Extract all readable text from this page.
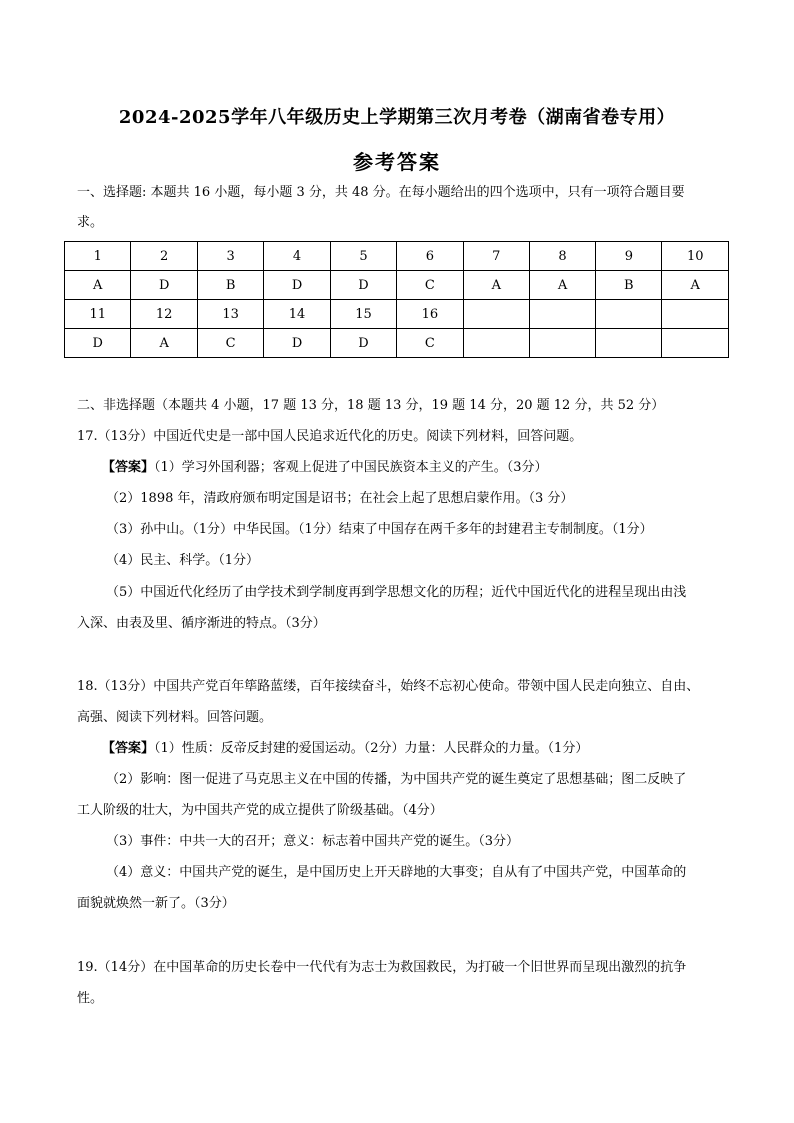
2024-2025学年八年级历史上学期第三次月考卷（湖南省卷专用）
参考答案
一、选择题: 本题共 16 小题，每小题 3 分，共 48 分。在每小题给出的四个选项中，只有一项符合题目要
求。
1	2	3	4	5	6	7	8	9	10
A	D	B	D	D	C	A	A	B	A
11	12	13	14	15	16				
D	A	C	D	D	C				
二、非选择题（本题共 4 小题，17 题 13 分，18 题 13 分，19 题 14 分，20 题 12 分，共 52 分）
17.（13分）中国近代史是一部中国人民追求近代化的历史。阅读下列材料，回答问题。
【答案】（1）学习外国利器；客观上促进了中国民族资本主义的产生。（3分）
（2）1898 年，清政府颁布明定国是诏书；在社会上起了思想启蒙作用。（3 分）
（3）孙中山。（1分）中华民国。（1分）结束了中国存在两千多年的封建君主专制制度。（1分）
（4）民主、科学。（1分）
（5）中国近代化经历了由学技术到学制度再到学思想文化的历程；近代中国近代化的进程呈现出由浅
入深、由表及里、循序渐进的特点。（3分）
18.（13分）中国共产党百年筚路蓝缕，百年接续奋斗，始终不忘初心使命。带领中国人民走向独立、自由、
高强、阅读下列材料。回答问题。
【答案】（1）性质：反帝反封建的爱国运动。（2分）力量：人民群众的力量。（1分）
（2）影响：图一促进了马克思主义在中国的传播，为中国共产党的诞生奠定了思想基础；图二反映了
工人阶级的壮大，为中国共产党的成立提供了阶级基础。（4分）
（3）事件：中共一大的召开；意义：标志着中国共产党的诞生。（3分）
（4）意义：中国共产党的诞生，是中国历史上开天辟地的大事变；自从有了中国共产党，中国革命的
面貌就焕然一新了。（3分）
19.（14分）在中国革命的历史长卷中一代代有为志士为救国救民，为打破一个旧世界而呈现出激烈的抗争
性。
